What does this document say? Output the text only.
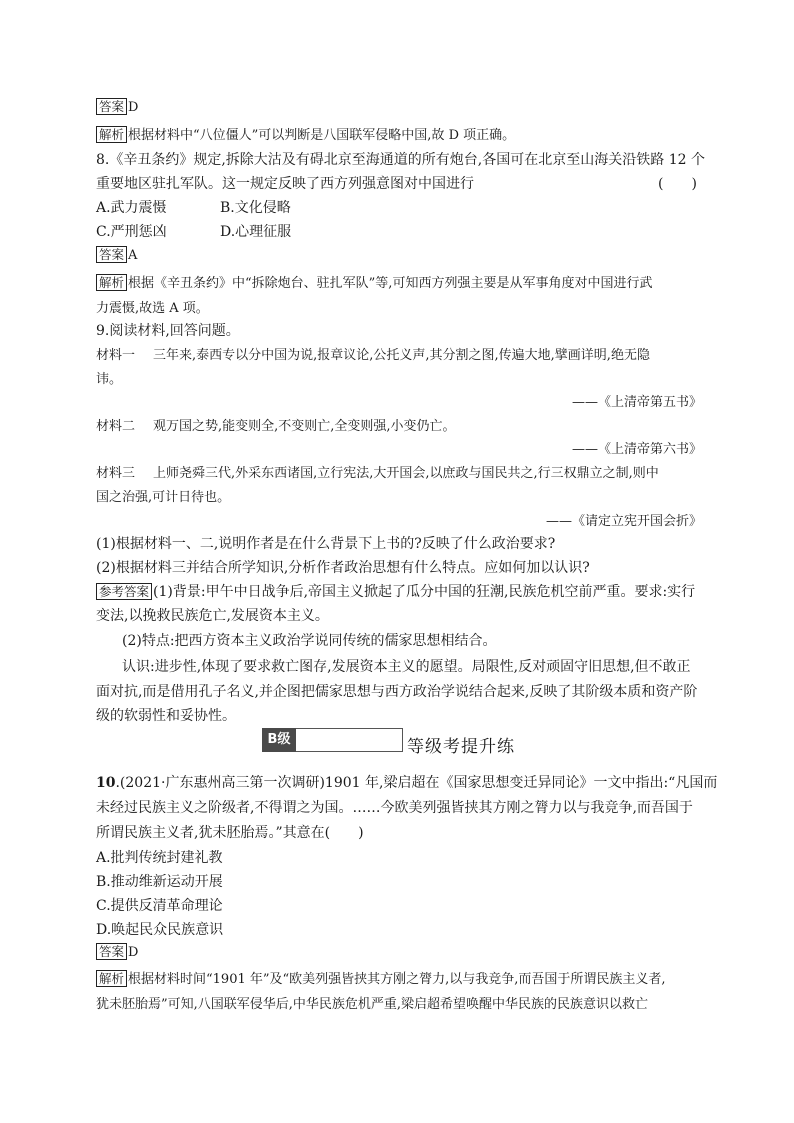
答案 D
解析 根据材料中“八位僵人”可以判断是八国联军侵略中国,故 D 项正确。
8.《辛丑条约》规定,拆除大沽及有碍北京至海通道的所有炮台,各国可在北京至山海关沿铁路 12 个
重要地区驻扎军队。这一规定反映了西方列强意图对中国进行	(　　)
A.武力震慑	B.文化侵略
C.严刑惩凶	D.心理征服
答案 A
解析 根据《辛丑条约》中“拆除炮台、驻扎军队”等,可知西方列强主要是从军事角度对中国进行武
力震慑,故选 A 项。
9.阅读材料,回答问题。
材料一 三年来,泰西专以分中国为说,报章议论,公托义声,其分割之图,传遍大地,擘画详明,绝无隐
讳。
——《上清帝第五书》
材料二 观万国之势,能变则全,不变则亡,全变则强,小变仍亡。
——《上清帝第六书》
材料三 上师尧舜三代,外采东西诸国,立行宪法,大开国会,以庶政与国民共之,行三权鼎立之制,则中
国之治强,可计日待也。
——《请定立宪开国会折》
(1)根据材料一、二,说明作者是在什么背景下上书的?反映了什么政治要求?
(2)根据材料三并结合所学知识,分析作者政治思想有什么特点。应如何加以认识?
参考答案 (1)背景:甲午中日战争后,帝国主义掀起了瓜分中国的狂潮,民族危机空前严重。要求:实行
变法,以挽救民族危亡,发展资本主义。
(2)特点:把西方资本主义政治学说同传统的儒家思想相结合。
认识:进步性,体现了要求救亡图存,发展资本主义的愿望。局限性,反对顽固守旧思想,但不敢正
面对抗,而是借用孔子名义,并企图把儒家思想与西方政治学说结合起来,反映了其阶级本质和资产阶
级的软弱性和妥协性。
B级	等级考提升练
10.(2021·广东惠州高三第一次调研)1901 年,梁启超在《国家思想变迁异同论》一文中指出:“凡国而
未经过民族主义之阶级者,不得谓之为国。……今欧美列强皆挟其方刚之膂力以与我竞争,而吾国于
所谓民族主义者,犹未胚胎焉。”其意在(　　)
A.批判传统封建礼教
B.推动维新运动开展
C.提供反清革命理论
D.唤起民众民族意识
答案 D
解析 根据材料时间“1901 年”及“欧美列强皆挟其方刚之膂力,以与我竞争,而吾国于所谓民族主义者,
犹未胚胎焉”可知,八国联军侵华后,中华民族危机严重,梁启超希望唤醒中华民族的民族意识以救亡
